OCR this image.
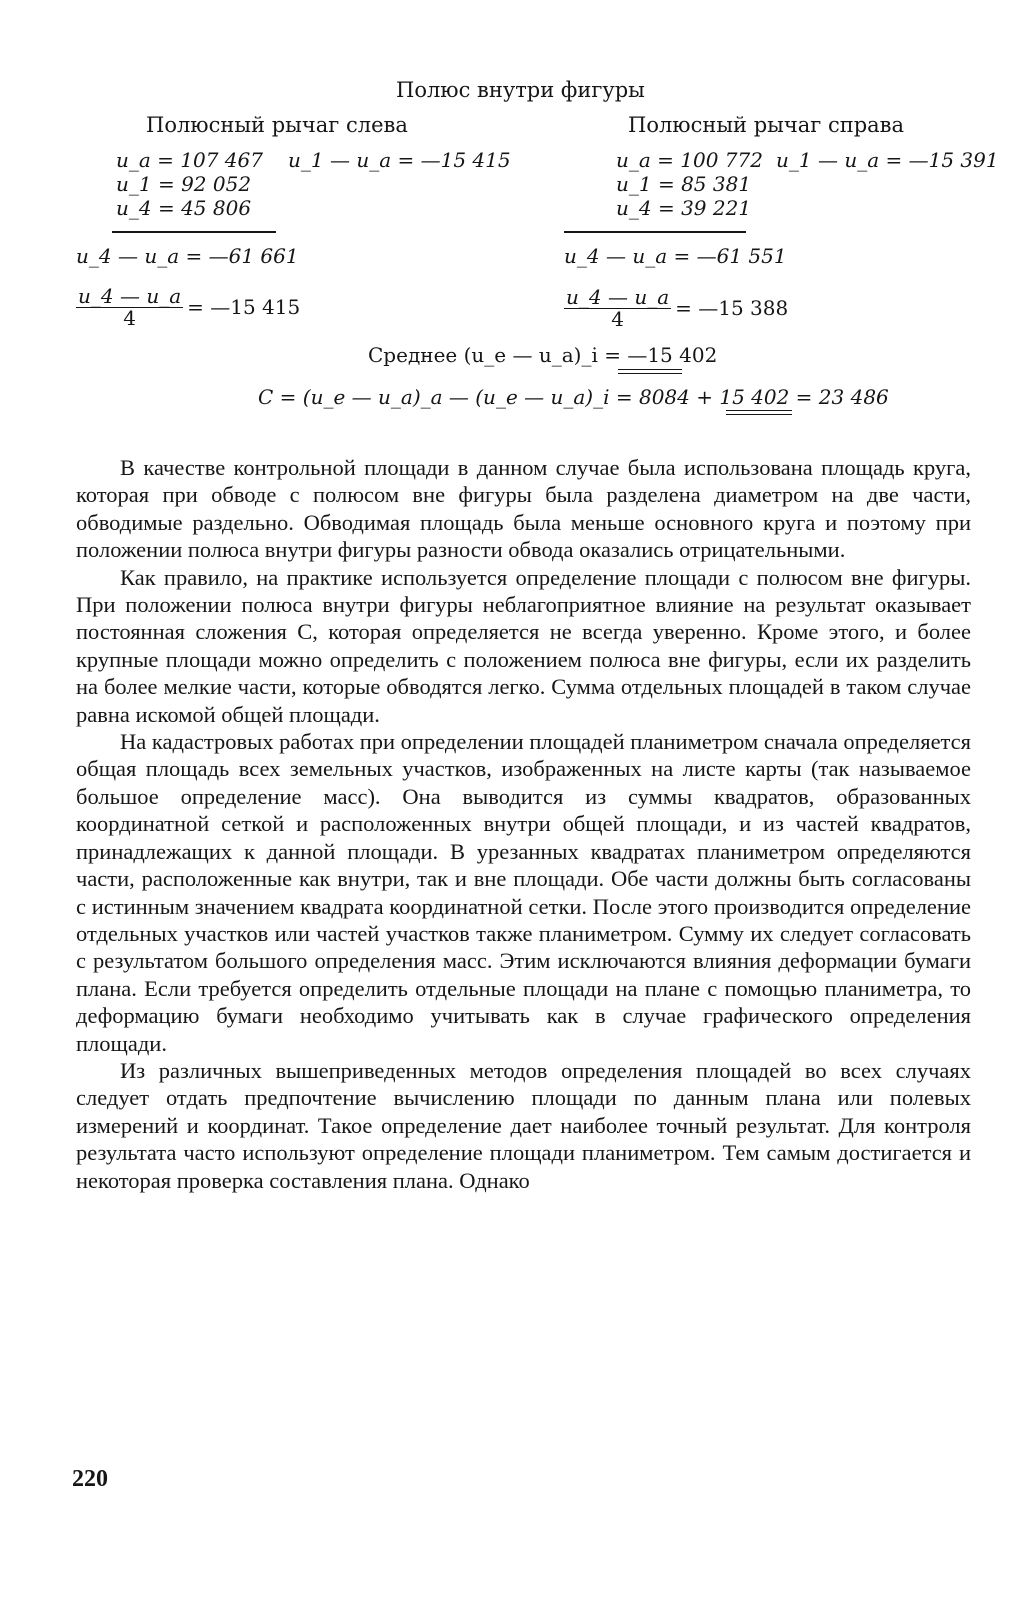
Полюс внутри фигуры
Полюсный рычаг слева	Полюсный рычаг справа
u_a = 107 467 u_1 — u_a = —15 415
u_1 = 92 052
u_4 = 45 806
u_4 — u_a = —61 661
$\frac{u\_4 — u\_a}{4}$ = —15 415
u_a = 100 772 u_1 — u_a = —15 391
u_1 = 85 381
u_4 = 39 221
u_4 — u_a = —61 551
$\frac{u\_4 — u\_a}{4}$ = —15 388
Среднее (u_e — u_a)_i = —15 402
C = (u_e — u_a)_a — (u_e — u_a)_i = 8084 + 15 402 = 23 486

В качестве контрольной площади в данном случае была использована площадь круга, которая при обводе с полюсом вне фигуры была разделена диаметром на две части, обводимые раздельно. Обводимая площадь была меньше основного круга и поэтому при положении полюса внутри фигуры разности обвода оказались отрицательными.

Как правило, на практике используется определение площади с полюсом вне фигуры. При положении полюса внутри фигуры неблагоприятное влияние на результат оказывает постоянная сложения C, которая определяется не всегда уверенно. Кроме этого, и более крупные площади можно определить с положением полюса вне фигуры, если их разделить на более мелкие части, которые обводятся легко. Сумма отдельных площадей в таком случае равна искомой общей площади.

На кадастровых работах при определении площадей планиметром сначала определяется общая площадь всех земельных участков, изображенных на листе карты (так называемое большое определение масс). Она выводится из суммы квадратов, образованных координатной сеткой и расположенных внутри общей площади, и из частей квадратов, принадлежащих к данной площади. В урезанных квадратах планиметром определяются части, расположенные как внутри, так и вне площади. Обе части должны быть согласованы с истинным значением квадрата координатной сетки. После этого производится определение отдельных участков или частей участков также планиметром. Сумму их следует согласовать с результатом большого определения масс. Этим исключаются влияния деформации бумаги плана. Если требуется определить отдельные площади на плане с помощью планиметра, то деформацию бумаги необходимо учитывать как в случае графического определения площади.

Из различных вышеприведенных методов определения площадей во всех случаях следует отдать предпочтение вычислению площади по данным плана или полевых измерений и координат. Такое определение дает наиболее точный результат. Для контроля результата часто используют определение площади планиметром. Тем самым достигается и некоторая проверка составления плана. Однако

220
